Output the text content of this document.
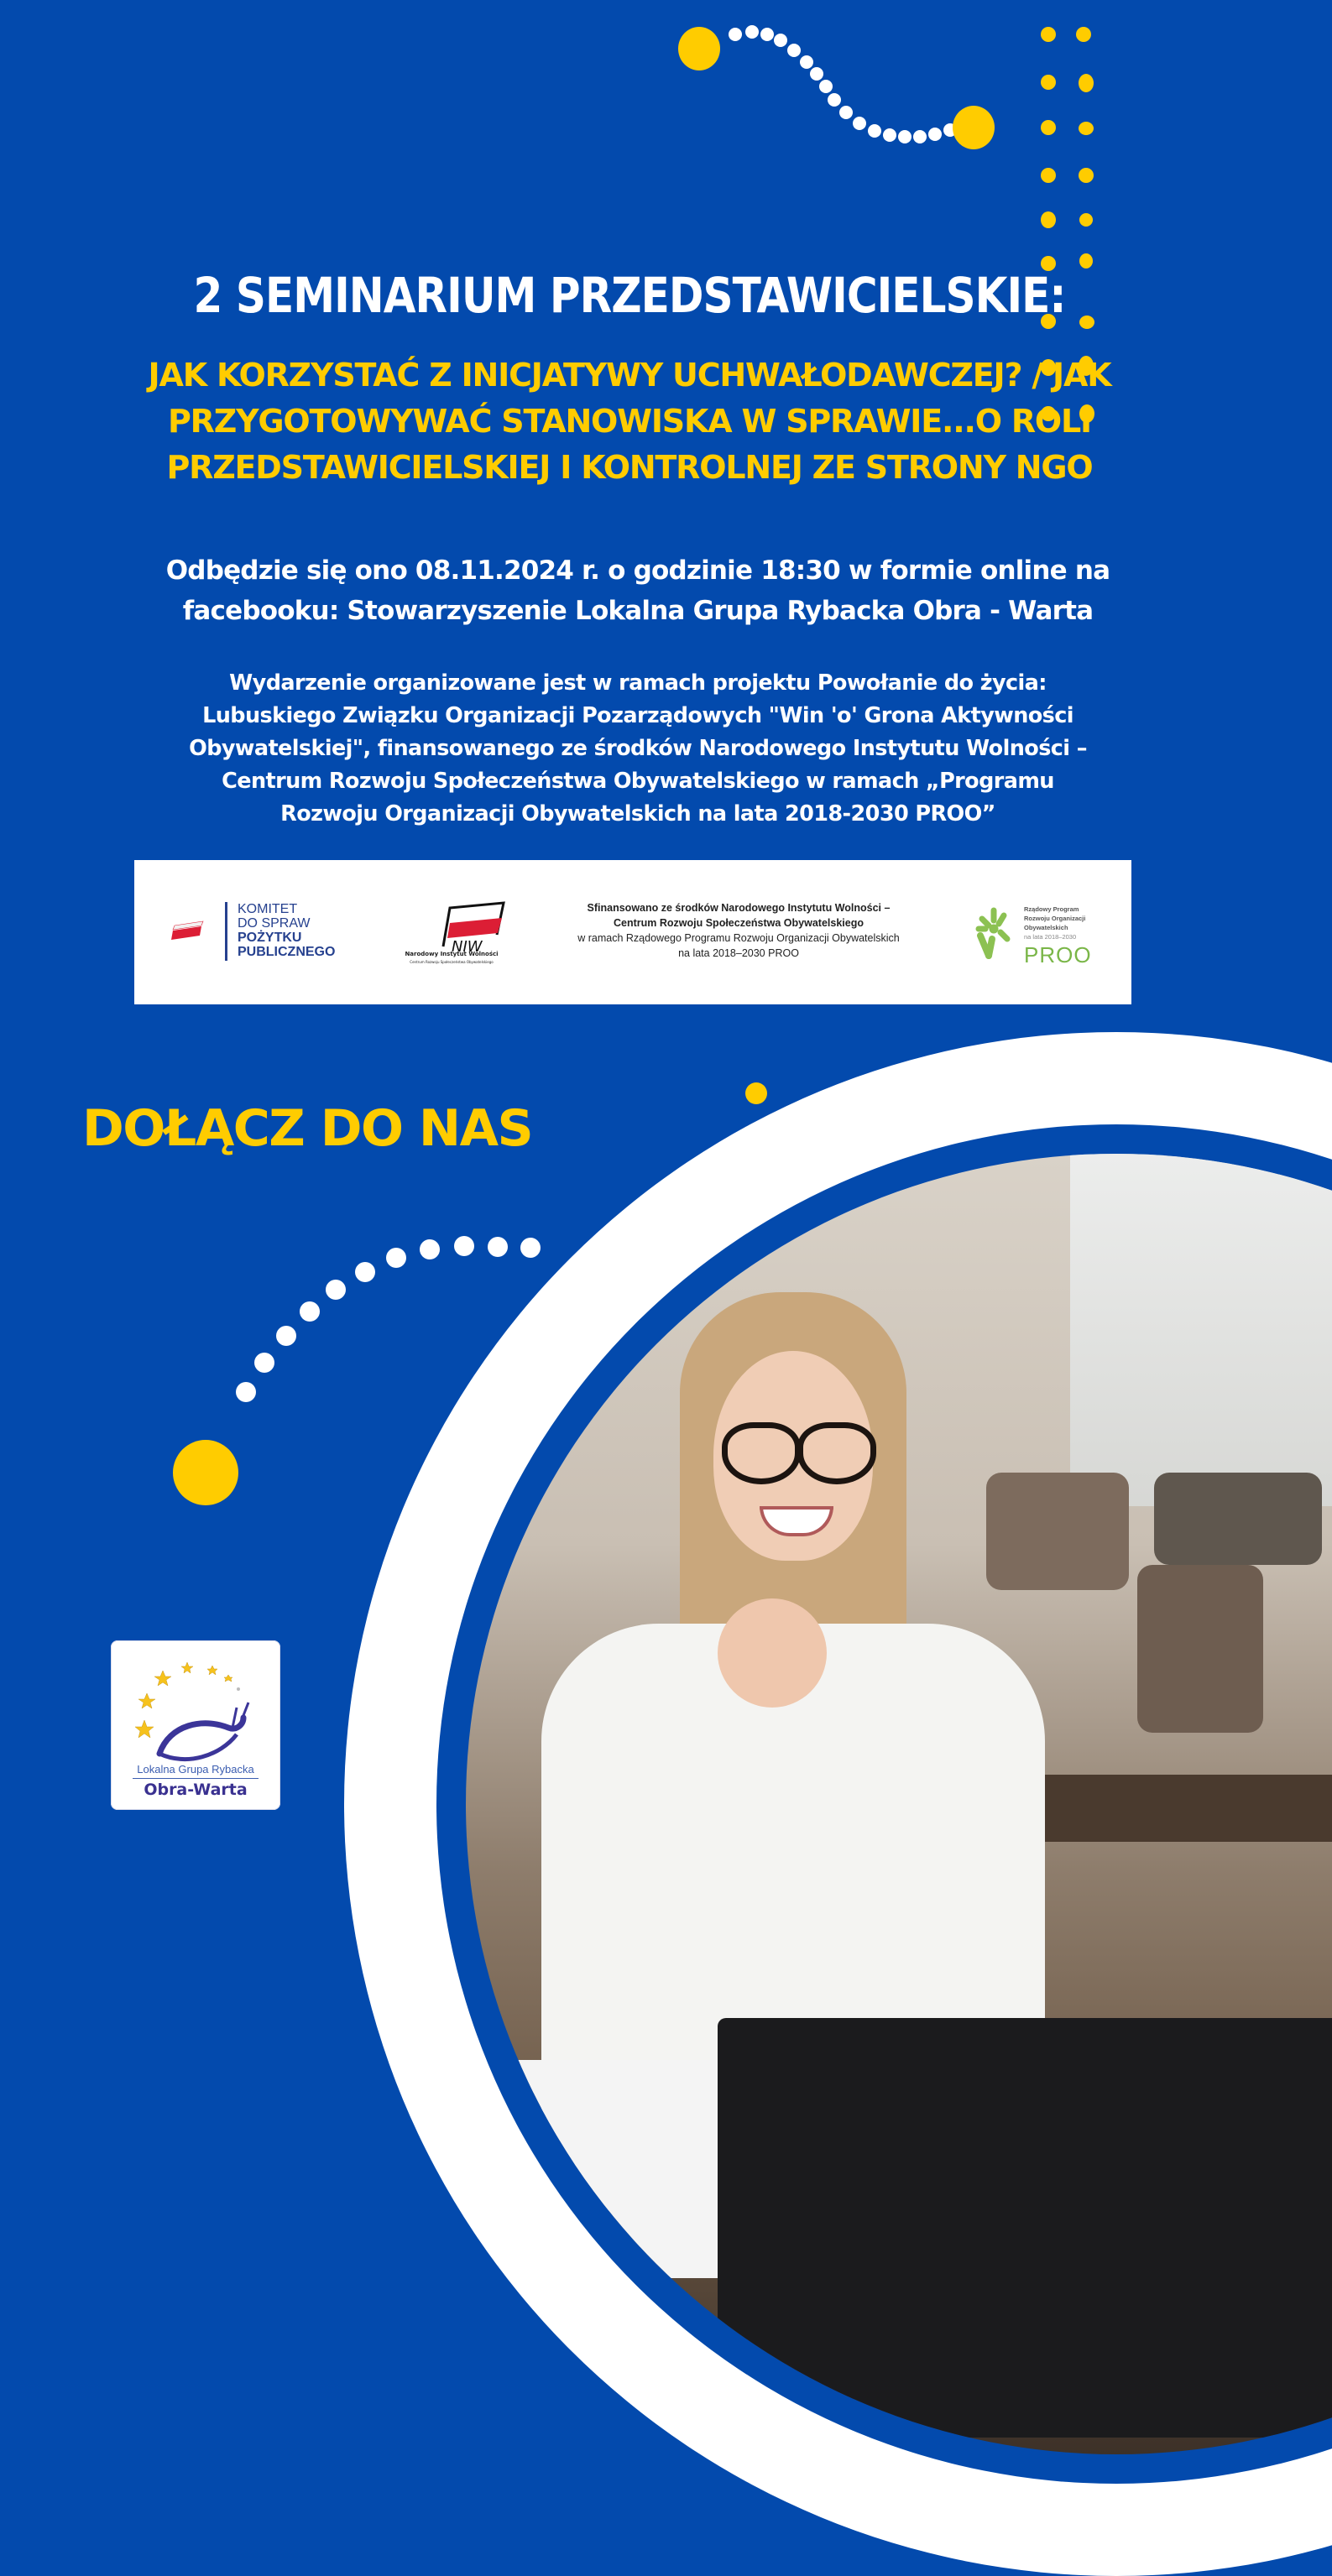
2 SEMINARIUM PRZEDSTAWICIELSKIE:
JAK KORZYSTAĆ Z INICJATYWY UCHWAŁODAWCZEJ? / JAK
PRZYGOTOWYWAĆ STANOWISKA W SPRAWIE...O ROLI
PRZEDSTAWICIELSKIEJ I KONTROLNEJ ZE STRONY NGO
Odbędzie się ono 08.11.2024 r. o godzinie 18:30 w formie online na
facebooku: Stowarzyszenie Lokalna Grupa Rybacka Obra - Warta
Wydarzenie organizowane jest w ramach projektu Powołanie do życia:
Lubuskiego Związku Organizacji Pozarządowych "Win 'o' Grona Aktywności
Obywatelskiej", finansowanego ze środków Narodowego Instytutu Wolności –
Centrum Rozwoju Społeczeństwa Obywatelskiego w ramach „Programu
Rozwoju Organizacji Obywatelskich na lata 2018-2030 PROO”
KOMITET
DO SPRAW
POŻYTKU
PUBLICZNEGO	NIW
Narodowy Instytut Wolności
Centrum Rozwoju Społeczeństwa Obywatelskiego
Sfinansowano ze środków Narodowego Instytutu Wolności –
Centrum Rozwoju Społeczeństwa Obywatelskiego
w ramach Rządowego Programu Rozwoju Organizacji Obywatelskich
na lata 2018–2030 PROO
Rządowy Program
Rozwoju Organizacji
Obywatelskich
na lata 2018–2030
PROO
DOŁĄCZ DO NAS
Lokalna Grupa Rybacka
Obra-Warta
